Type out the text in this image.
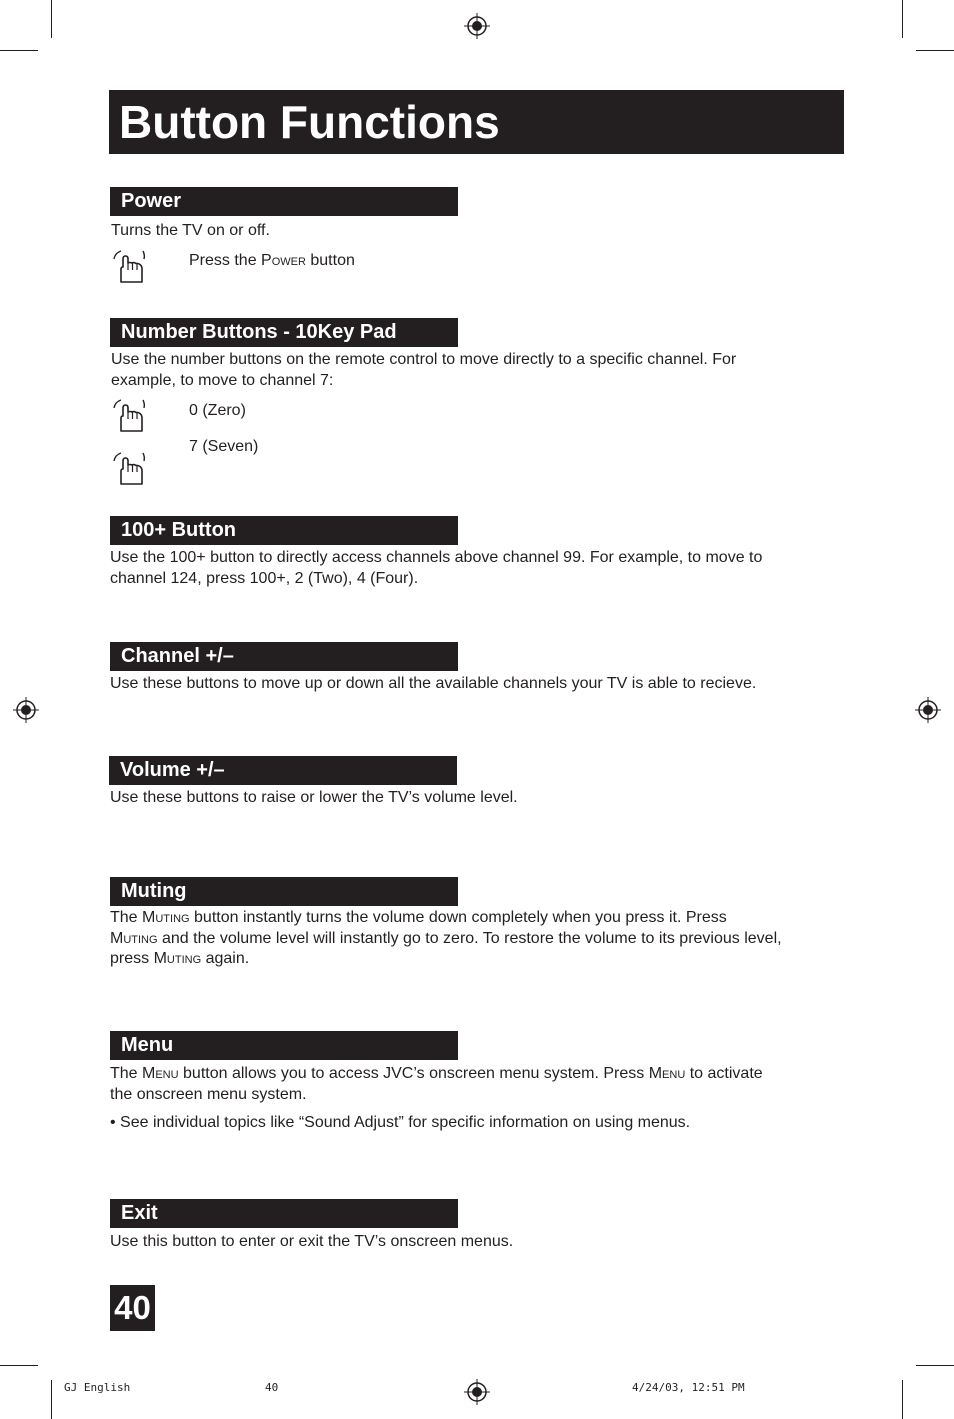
Button Functions
Power
Turns the TV on or off.
Press the Power button
Number Buttons - 10Key Pad
Use the number buttons on the remote control to move directly to a specific channel. For
example, to move to channel 7:
0 (Zero)
7 (Seven)
100+ Button
Use the 100+ button to directly access channels above channel 99. For example, to move to
channel 124, press 100+, 2 (Two), 4 (Four).
Channel +/–
Use these buttons to move up or down all the available channels your TV is able to recieve.
Volume +/–
Use these buttons to raise or lower the TV’s volume level.
Muting
The Muting button instantly turns the volume down completely when you press it. Press
Muting and the volume level will instantly go to zero. To restore the volume to its previous level,
press Muting again.
Menu
The Menu button allows you to access JVC’s onscreen menu system. Press Menu to activate
the onscreen menu system.
• See individual topics like “Sound Adjust” for specific information on using menus.
Exit
Use this button to enter or exit the TV’s onscreen menus.
40
GJ English	40	4/24/03, 12:51 PM
